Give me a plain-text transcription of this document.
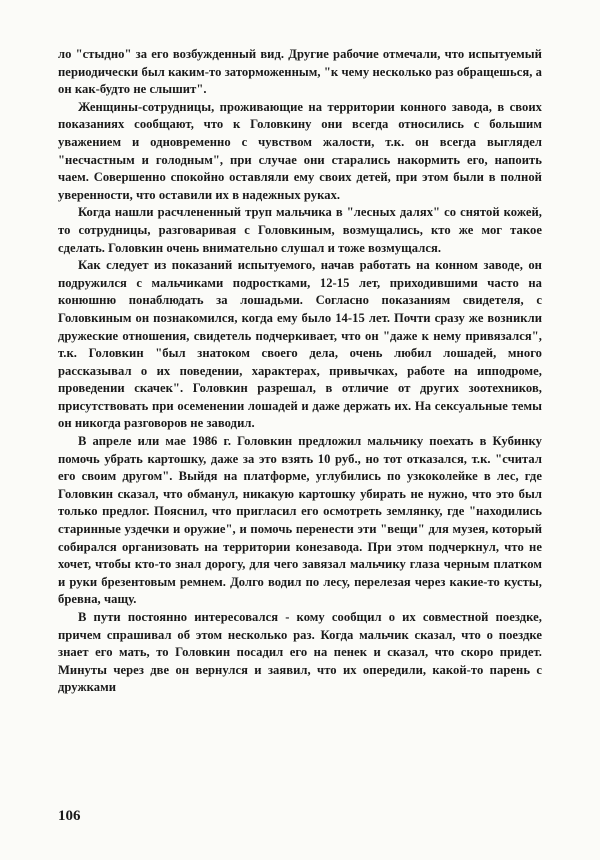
ло "стыдно" за его возбужденный вид. Другие рабочие отмечали, что испытуемый периодически был каким-то заторможенным, "к чему несколько раз обращешься, а он как-будто не слышит".

Женщины-сотрудницы, проживающие на территории конного завода, в своих показаниях сообщают, что к Головкину они всегда относились с большим уважением и одновременно с чувством жалости, т.к. он всегда выглядел "несчастным и голодным", при случае они старались накормить его, напоить чаем. Совершенно спокойно оставляли ему своих детей, при этом были в полной уверенности, что оставили их в надежных руках.

Когда нашли расчлененный труп мальчика в "лесных далях" со снятой кожей, то сотрудницы, разговаривая с Головкиным, возмущались, кто же мог такое сделать. Головкин очень внимательно слушал и тоже возмущался.

Как следует из показаний испытуемого, начав работать на конном заводе, он подружился с мальчиками подростками, 12-15 лет, приходившими часто на конюшню понаблюдать за лошадьми. Согласно показаниям свидетеля, с Головкиным он познакомился, когда ему было 14-15 лет. Почти сразу же возникли дружеские отношения, свидетель подчеркивает, что он "даже к нему привязался", т.к. Головкин "был знатоком своего дела, очень любил лошадей, много рассказывал о их поведении, характерах, привычках, работе на ипподроме, проведении скачек". Головкин разрешал, в отличие от других зоотехников, присутствовать при осеменении лошадей и даже держать их. На сексуальные темы он никогда разговоров не заводил.

В апреле или мае 1986 г. Головкин предложил мальчику поехать в Кубинку помочь убрать картошку, даже за это взять 10 руб., но тот отказался, т.к. "считал его своим другом". Выйдя на платформе, углубились по узкоколейке в лес, где Головкин сказал, что обманул, никакую картошку убирать не нужно, что это был только предлог. Пояснил, что пригласил его осмотреть землянку, где "находились старинные уздечки и оружие", и помочь перенести эти "вещи" для музея, который собирался организовать на территории конезавода. При этом подчеркнул, что не хочет, чтобы кто-то знал дорогу, для чего завязал мальчику глаза черным платком и руки брезентовым ремнем. Долго водил по лесу, перелезая через какие-то кусты, бревна, чащу.

В пути постоянно интересовался - кому сообщил о их совместной поездке, причем спрашивал об этом несколько раз. Когда мальчик сказал, что о поездке знает его мать, то Головкин посадил его на пенек и сказал, что скоро придет. Минуты через две он вернулся и заявил, что их опередили, какой-то парень с дружками

106
